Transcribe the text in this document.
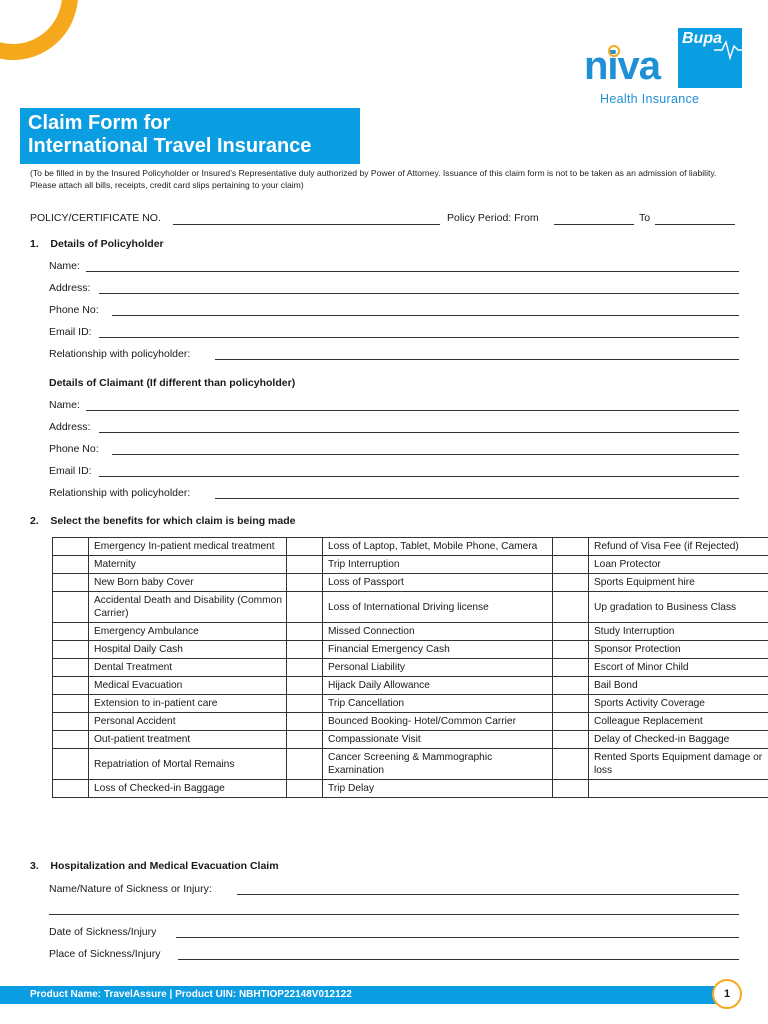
niva
Bupa
Health Insurance
Claim Form for
International Travel Insurance
(To be filled in by the Insured Policyholder or Insured’s Representative duly authorized by Power of Attorney. Issuance of this claim form is not to be taken as an admission of liability. Please attach all bills, receipts, credit card slips pertaining to your claim)
POLICY/CERTIFICATE NO.	Policy Period: From	To
1.    Details of Policyholder
Name:
Address:
Phone No:
Email ID:
Relationship with policyholder:
Details of Claimant (If different than policyholder)
Name:
Address:
Phone No:
Email ID:
Relationship with policyholder:
2.    Select the benefits for which claim is being made
	Emergency In-patient medical treatment		Loss of Laptop, Tablet, Mobile Phone, Camera		Refund of Visa Fee (if Rejected)
	Maternity		Trip Interruption		Loan Protector
	New Born baby Cover		Loss of Passport		Sports Equipment hire
	Accidental Death and Disability (Common Carrier)		Loss of International Driving license		Up gradation to Business Class
	Emergency Ambulance		Missed Connection		Study Interruption
	Hospital Daily Cash		Financial Emergency Cash		Sponsor Protection
	Dental Treatment		Personal Liability		Escort of Minor Child
	Medical Evacuation		Hijack Daily Allowance		Bail Bond
	Extension to in-patient care		Trip Cancellation		Sports Activity Coverage
	Personal Accident		Bounced Booking- Hotel/Common Carrier		Colleague Replacement
	Out-patient treatment		Compassionate Visit		Delay of Checked-in Baggage
	Repatriation of Mortal Remains		Cancer Screening & Mammographic Examination		Rented Sports Equipment damage or loss
	Loss of Checked-in Baggage		Trip Delay		
3.    Hospitalization and Medical Evacuation Claim
Name/Nature of Sickness or Injury:
Date of Sickness/Injury
Place of Sickness/Injury
Product Name: TravelAssure | Product UIN: NBHTIOP22148V012122	1
